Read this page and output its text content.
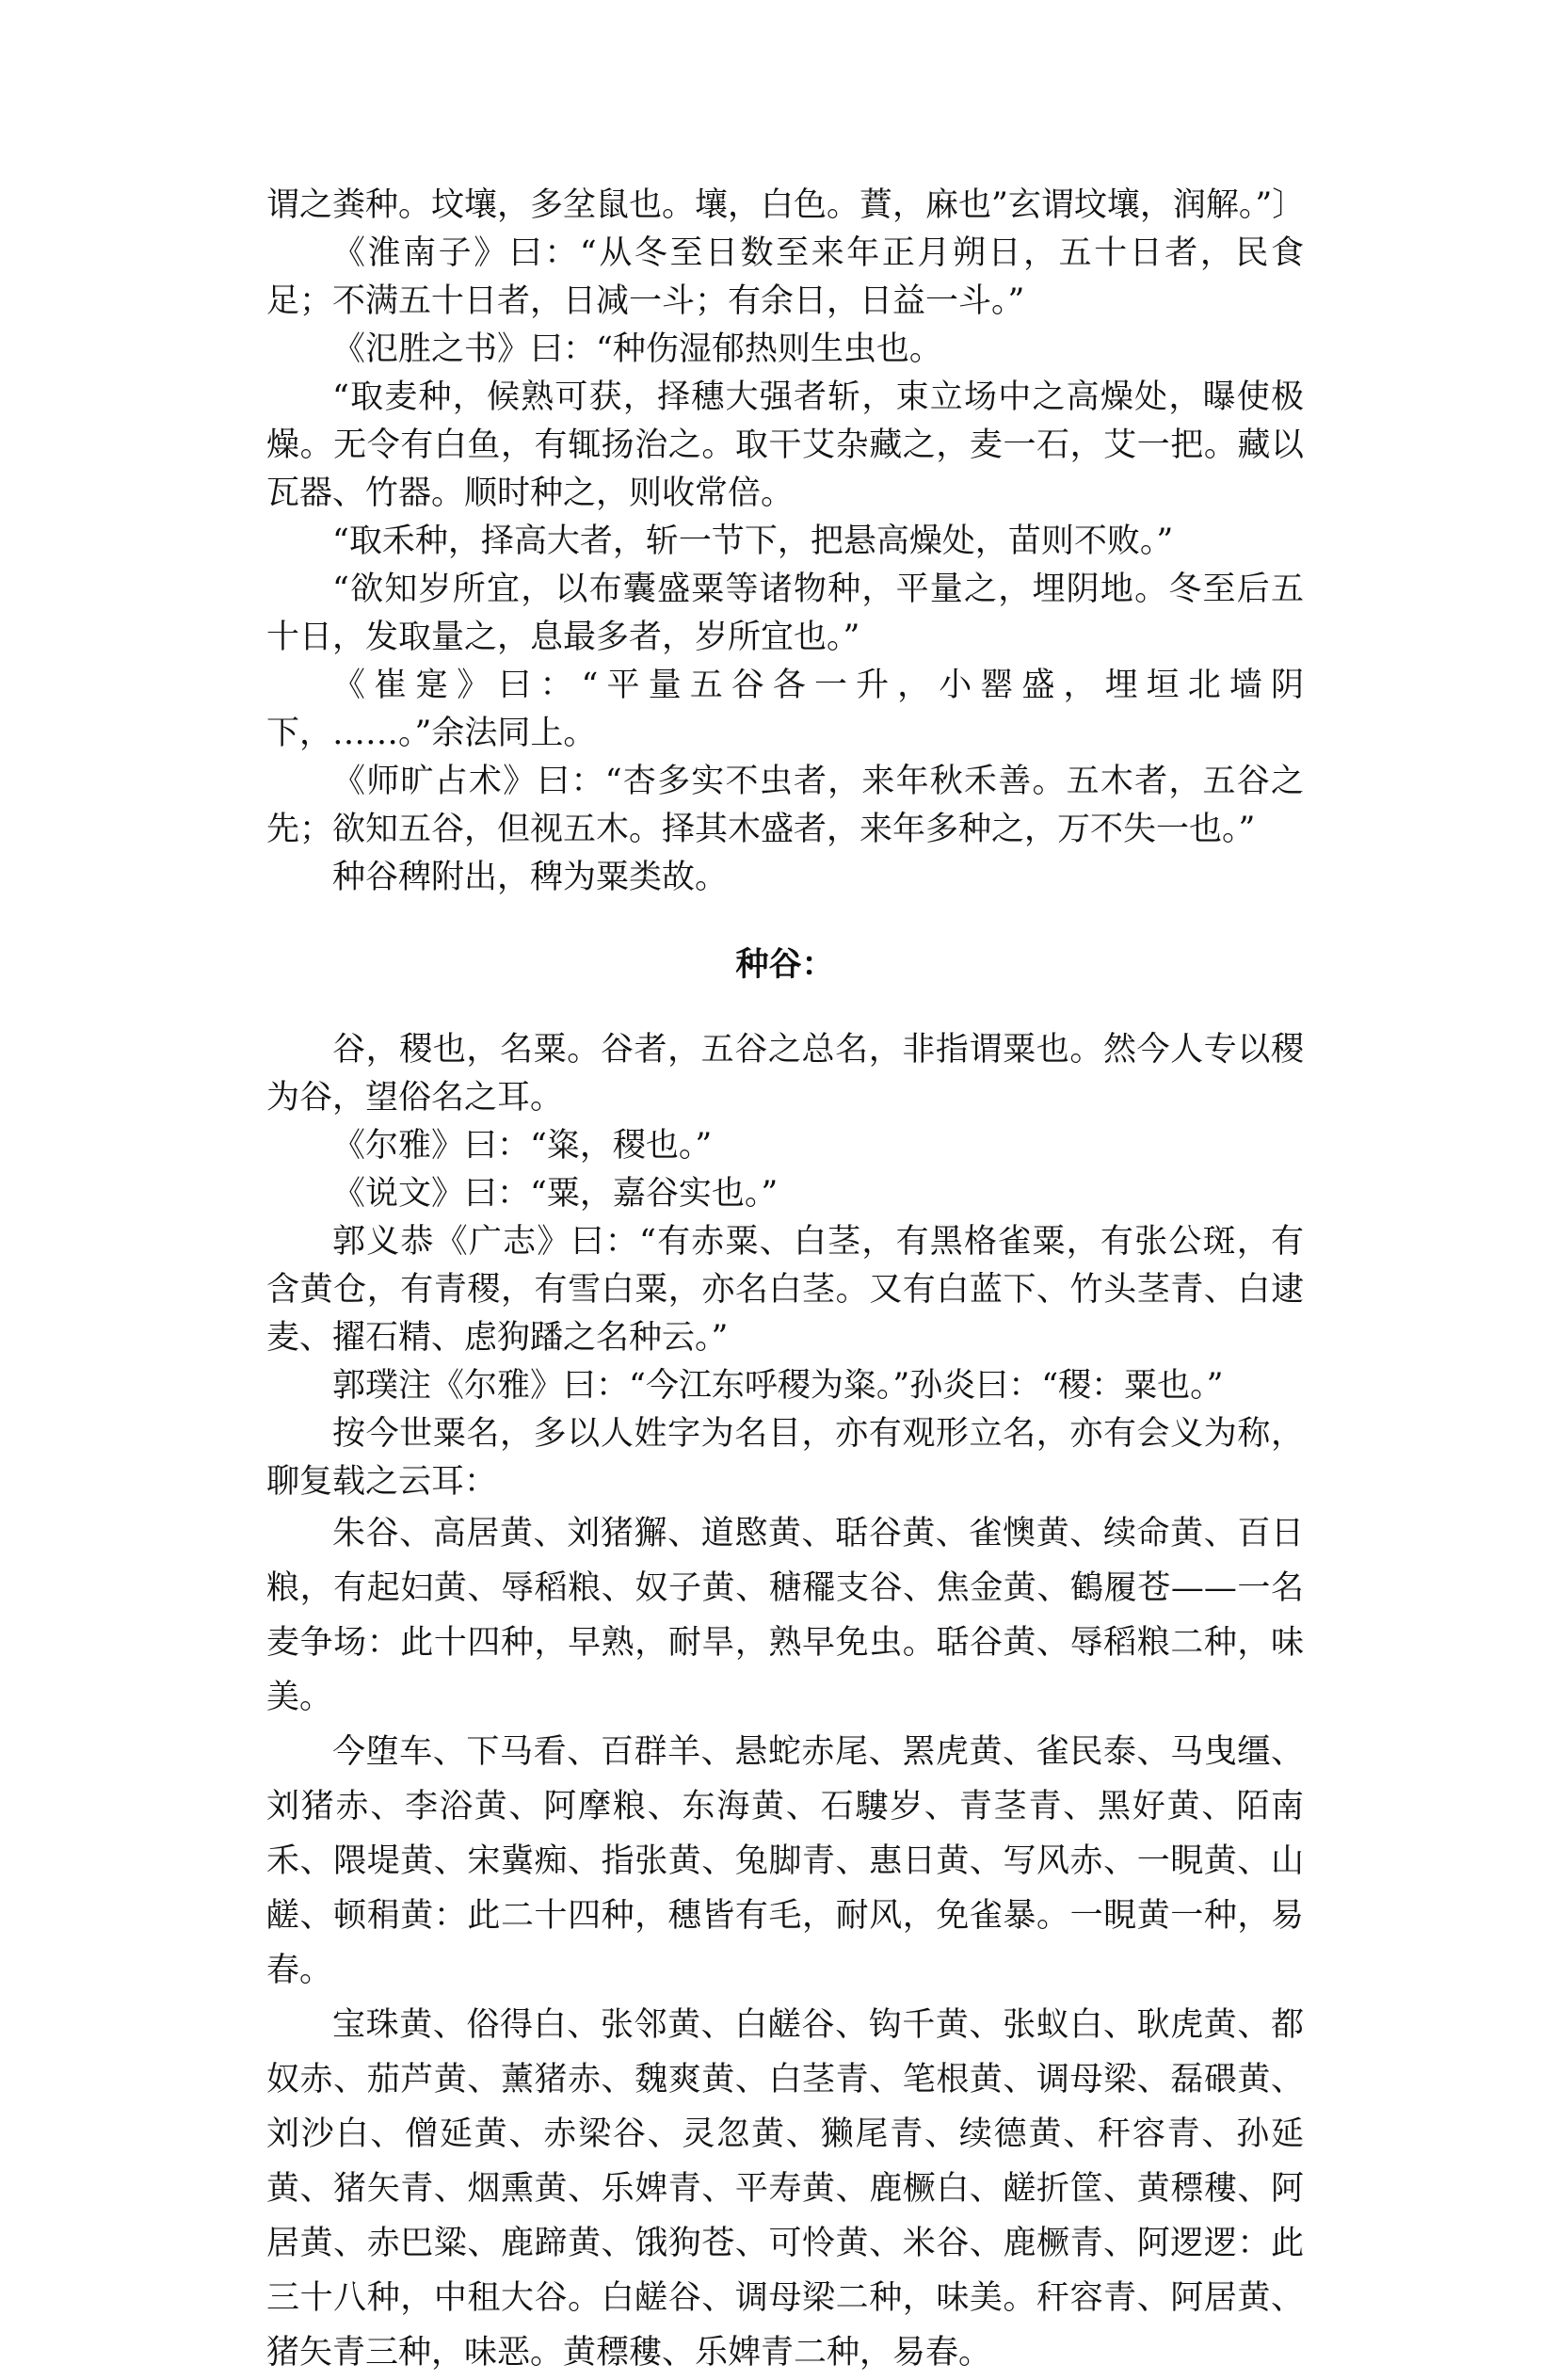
谓之粪种。坟壤，多坌鼠也。壤，白色。蕡，麻也”玄谓坟壤，润解。”〕

《淮南子》曰：“从冬至日数至来年正月朔日，五十日者，民食足；不满五十日者，日减一斗；有余日，日益一斗。”

《氾胜之书》曰：“种伤湿郁热则生虫也。

“取麦种，候熟可获，择穗大强者斩，束立场中之高燥处，曝使极燥。无令有白鱼，有辄扬治之。取干艾杂藏之，麦一石，艾一把。藏以瓦器、竹器。顺时种之，则收常倍。

“取禾种，择高大者，斩一节下，把悬高燥处，苗则不败。”

“欲知岁所宜，以布囊盛粟等诸物种，平量之，埋阴地。冬至后五十日，发取量之，息最多者，岁所宜也。”

《崔寔》曰：“平量五谷各一升，小罂盛，埋垣北墙阴下，……。”余法同上。

《师旷占术》曰：“杏多实不虫者，来年秋禾善。五木者，五谷之先；欲知五谷，但视五木。择其木盛者，来年多种之，万不失一也。”

种谷稗附出，稗为粟类故。

种谷：

谷，稷也，名粟。谷者，五谷之总名，非指谓粟也。然今人专以稷为谷，望俗名之耳。

《尔雅》曰：“粢，稷也。”

《说文》曰：“粟，嘉谷实也。”

郭义恭《广志》曰：“有赤粟、白茎，有黑格雀粟，有张公斑，有含黄仓，有青稷，有雪白粟，亦名白茎。又有白蓝下、竹头茎青、白逮麦、擢石精、虑狗蹯之名种云。”

郭璞注《尔雅》曰：“今江东呼稷为粢。”孙炎曰：“稷：粟也。”

按今世粟名，多以人姓字为名目，亦有观形立名，亦有会义为称，聊复载之云耳：

朱谷、高居黄、刘猪獬、道愍黄、聒谷黄、雀懊黄、续命黄、百日粮，有起妇黄、辱稻粮、奴子黄、䅯䆉支谷、焦金黄、鶴履苍——一名麦争场：此十四种，早熟，耐旱，熟早免虫。聒谷黄、辱稻粮二种，味美。

今堕车、下马看、百群羊、悬蛇赤尾、罴虎黄、雀民泰、马曳缰、刘猪赤、李浴黄、阿摩粮、东海黄、石䮫岁、青茎青、黑好黄、陌南禾、隈堤黄、宋冀痴、指张黄、兔脚青、惠日黄、写风赤、一睍黄、山鹾、顿䅌黄：此二十四种，穗皆有毛，耐风，免雀暴。一睍黄一种，易春。

宝珠黄、俗得白、张邻黄、白鹾谷、钩千黄、张蚁白、耿虎黄、都奴赤、茄芦黄、薰猪赤、魏爽黄、白茎青、笔根黄、调母梁、磊碨黄、刘沙白、僧延黄、赤梁谷、灵忽黄、獭尾青、续德黄、秆容青、孙延黄、猪矢青、烟熏黄、乐婢青、平寿黄、鹿橛白、鹾折筐、黄䅺䅹、阿居黄、赤巴粱、鹿蹄黄、饿狗苍、可怜黄、米谷、鹿橛青、阿逻逻：此三十八种，中租大谷。白鹾谷、调母梁二种，味美。秆容青、阿居黄、猪矢青三种，味恶。黄䅺䅹、乐婢青二种，易春。
